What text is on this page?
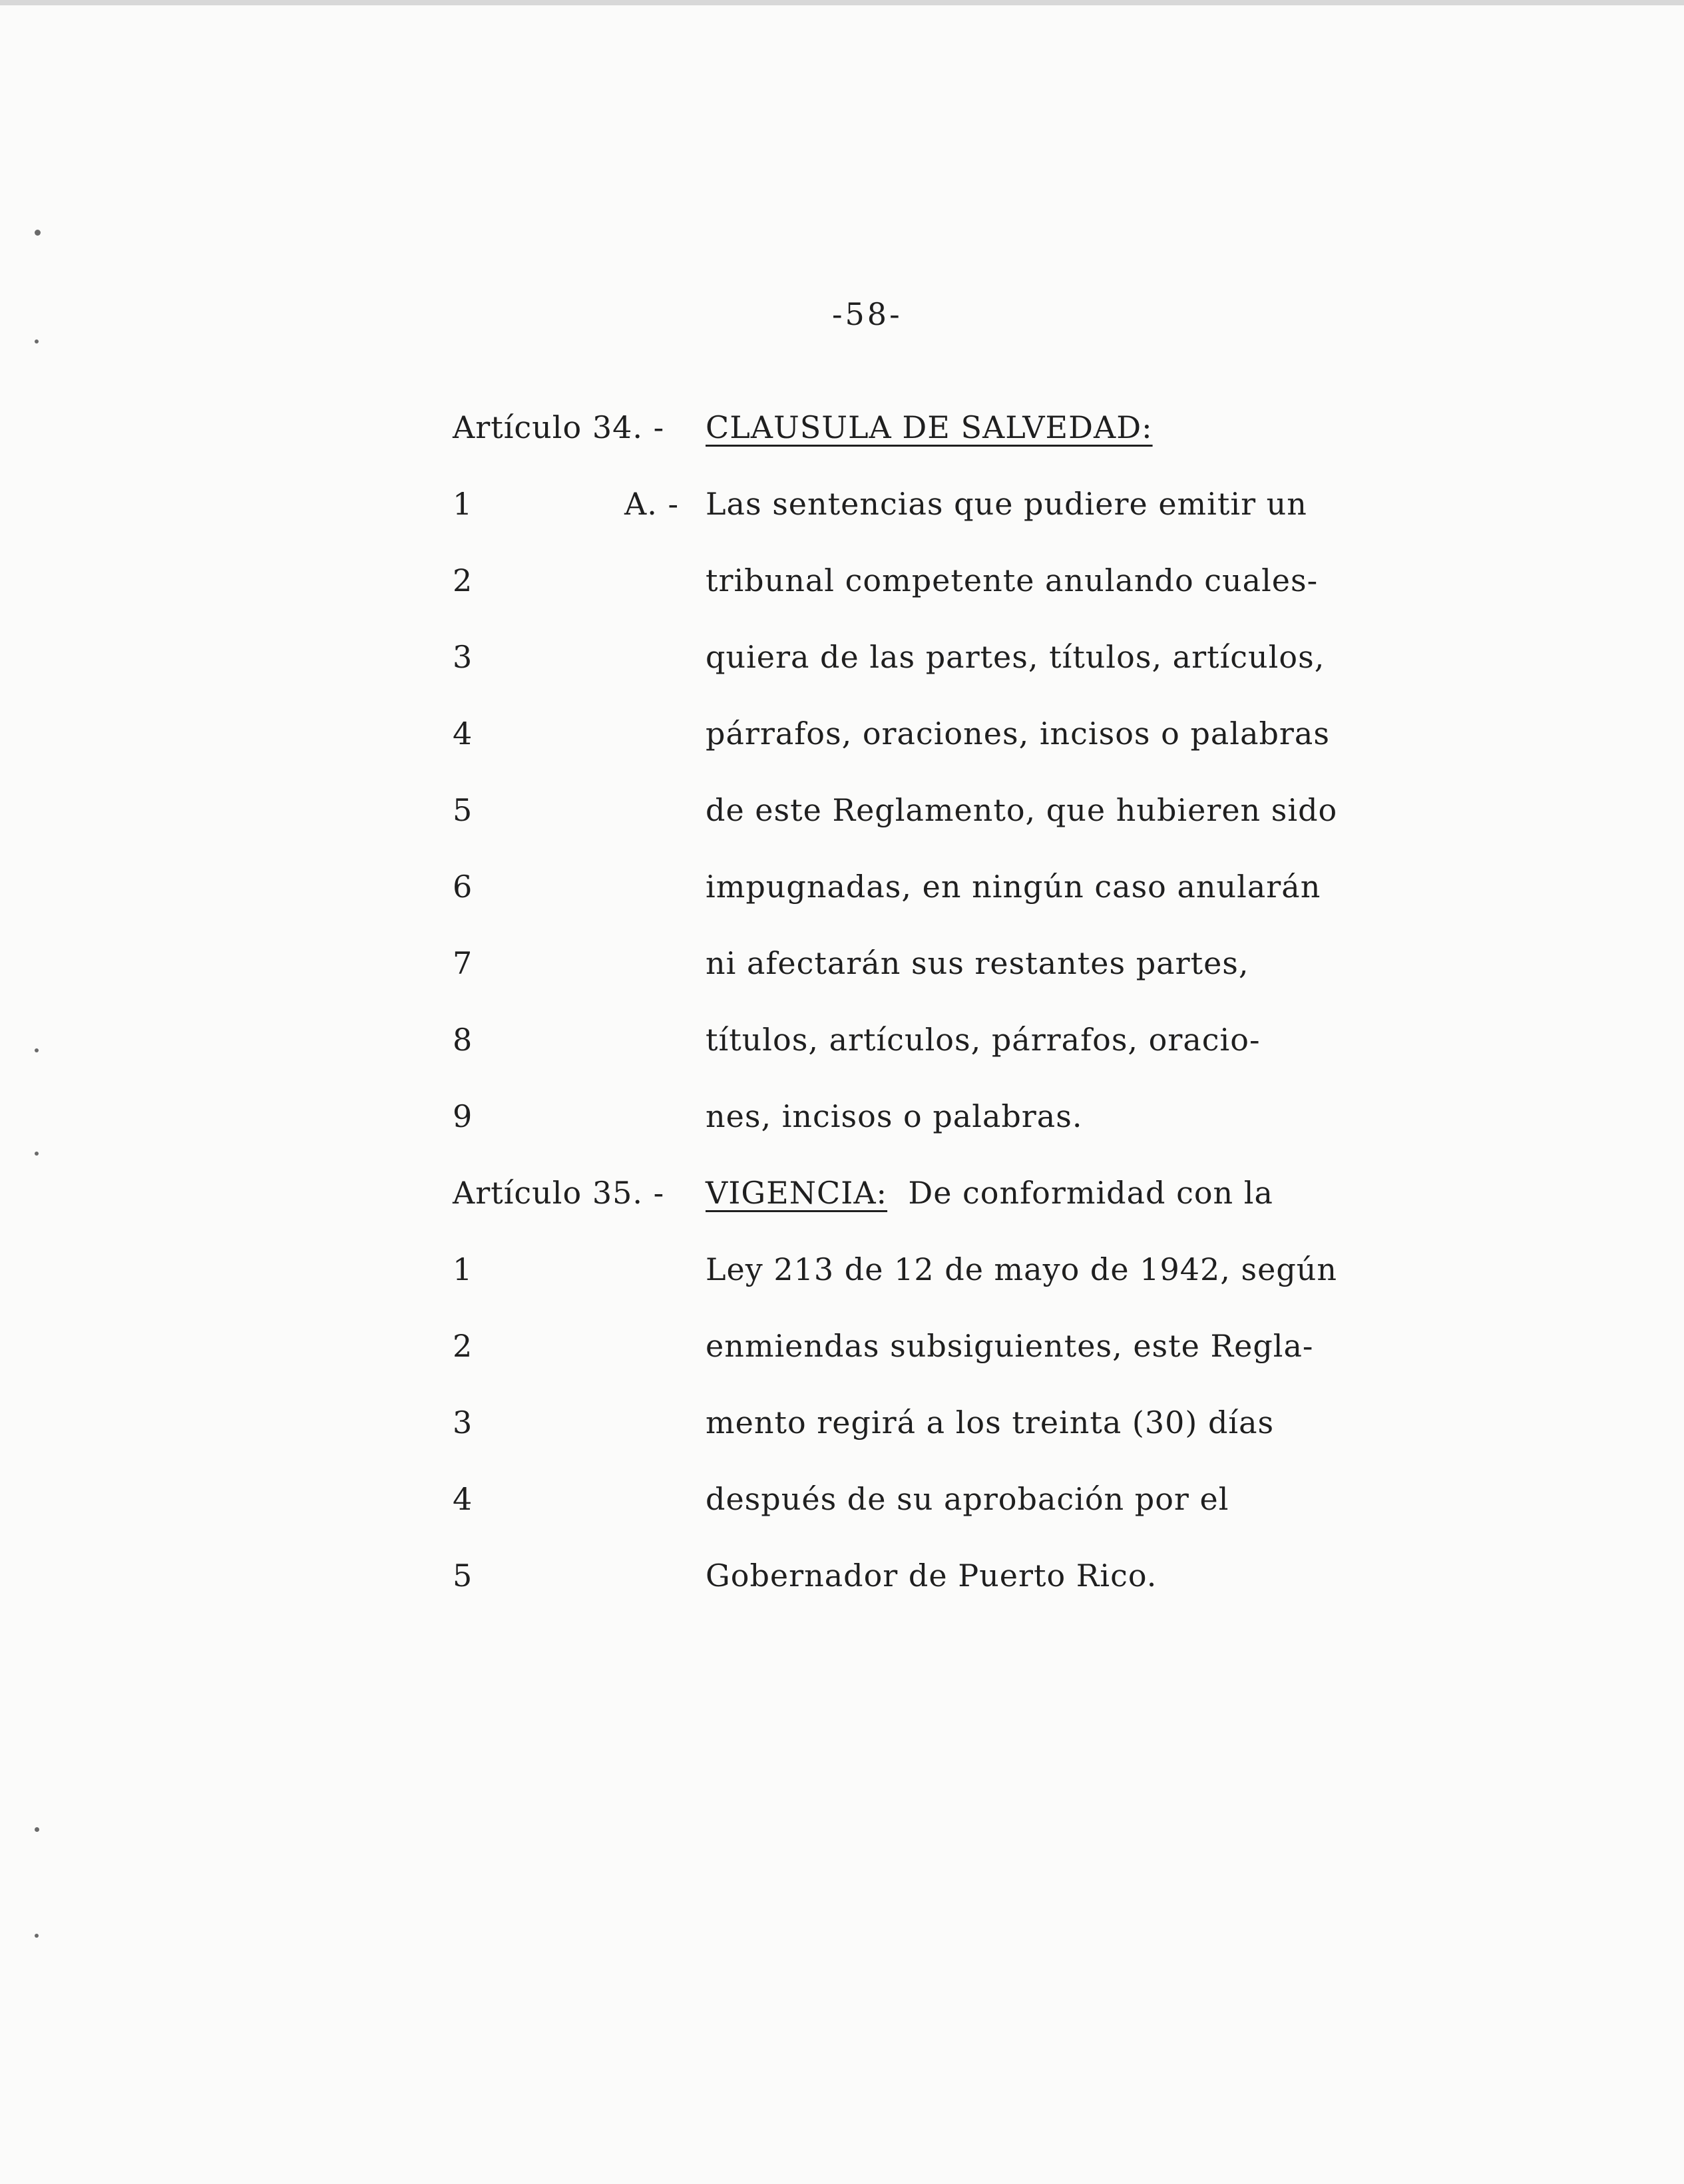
-58-
Artículo 34. - CLAUSULA DE SALVEDAD:
A. -
1	Las sentencias que pudiere emitir un
2	tribunal competente anulando cuales-
3	quiera de las partes, títulos, artículos,
4	párrafos, oraciones, incisos o palabras
5	de este Reglamento, que hubieren sido
6	impugnadas, en ningún caso anularán
7	ni afectarán sus restantes partes,
8	títulos, artículos, párrafos, oracio-
9	nes, incisos o palabras.
Artículo 35. - VIGENCIA: De conformidad con la
1	Ley 213 de 12 de mayo de 1942, según
2	enmiendas subsiguientes, este Regla-
3	mento regirá a los treinta (30) días
4	después de su aprobación por el
5	Gobernador de Puerto Rico.
